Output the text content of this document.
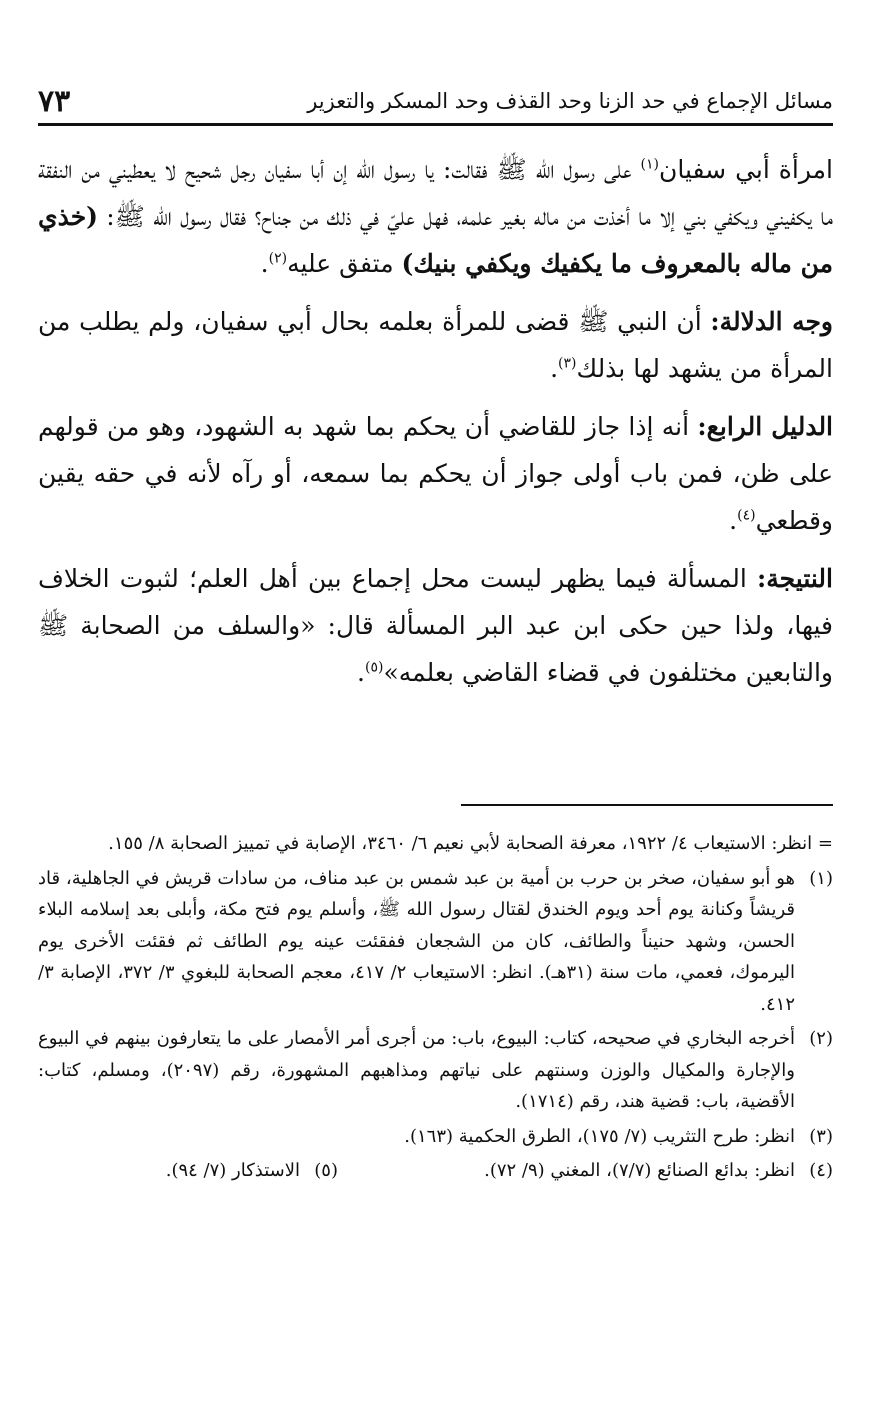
مسائل الإجماع في حد الزنا وحد القذف وحد المسكر والتعزير
٧٣

امرأة أبي سفيان$^{(١)}$ على رسول الله ﷺ فقالت: يا رسول الله إن أبا سفيان رجل شحيح لا يعطيني من النفقة ما يكفيني ويكفي بني إلا ما أخذت من ماله بغير علمه، فهل عليّ في ذلك من جناح؟ فقال رسول الله ﷺ: (خذي من ماله بالمعروف ما يكفيك ويكفي بنيك) متفق عليه$^{(٢)}$.

وجه الدلالة: أن النبي ﷺ قضى للمرأة بعلمه بحال أبي سفيان، ولم يطلب من المرأة من يشهد لها بذلك$^{(٣)}$.

الدليل الرابع: أنه إذا جاز للقاضي أن يحكم بما شهد به الشهود، وهو من قولهم على ظن، فمن باب أولى جواز أن يحكم بما سمعه، أو رآه لأنه في حقه يقين وقطعي$^{(٤)}$.

النتيجة: المسألة فيما يظهر ليست محل إجماع بين أهل العلم؛ لثبوت الخلاف فيها، ولذا حين حكى ابن عبد البر المسألة قال: «والسلف من الصحابة ﷺ والتابعين مختلفون في قضاء القاضي بعلمه»$^{(٥)}$.

= انظر: الاستيعاب ٤/ ١٩٢٢، معرفة الصحابة لأبي نعيم ٦/ ٣٤٦٠، الإصابة في تمييز الصحابة ٨/ ١٥٥.
(١)
هو أبو سفيان، صخر بن حرب بن أمية بن عبد شمس بن عبد مناف، من سادات قريش في الجاهلية، قاد قريشاً وكنانة يوم أحد ويوم الخندق لقتال رسول الله ﷺ، وأسلم يوم فتح مكة، وأبلى بعد إسلامه البلاء الحسن، وشهد حنيناً والطائف، كان من الشجعان ففقئت عينه يوم الطائف ثم فقئت الأخرى يوم اليرموك، فعمي، مات سنة (٣١هـ). انظر: الاستيعاب ٢/ ٤١٧، معجم الصحابة للبغوي ٣/ ٣٧٢، الإصابة ٣/ ٤١٢.
(٢)
أخرجه البخاري في صحيحه، كتاب: البيوع، باب: من أجرى أمر الأمصار على ما يتعارفون بينهم في البيوع والإجارة والمكيال والوزن وسنتهم على نياتهم ومذاهبهم المشهورة، رقم (٢٠٩٧)، ومسلم، كتاب: الأقضية، باب: قضية هند، رقم (١٧١٤).
(٣)
انظر: طرح التثريب (٧/ ١٧٥)، الطرق الحكمية (١٦٣).
(٤)
انظر: بدائع الصنائع (٧/٧)، المغني (٩/ ٧٢).
(٥)
الاستذكار (٧/ ٩٤).
